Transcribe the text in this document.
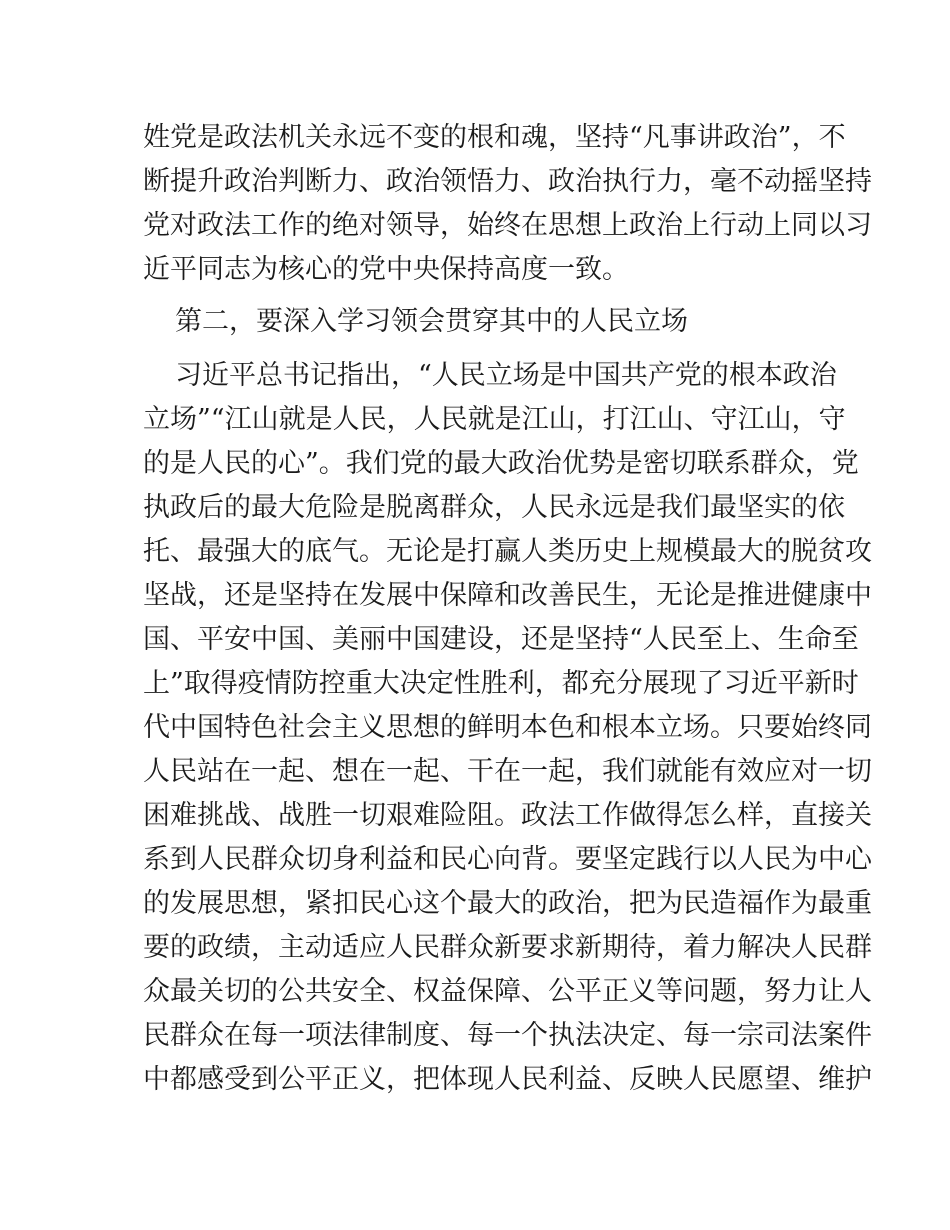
姓党是政法机关永远不变的根和魂，坚持“凡事讲政治”，不
断提升政治判断力、政治领悟力、政治执行力，毫不动摇坚持
党对政法工作的绝对领导，始终在思想上政治上行动上同以习
近平同志为核心的党中央保持高度一致。
第二，要深入学习领会贯穿其中的人民立场
习近平总书记指出，“人民立场是中国共产党的根本政治
立场”“江山就是人民，人民就是江山，打江山、守江山，守
的是人民的心”。我们党的最大政治优势是密切联系群众，党
执政后的最大危险是脱离群众，人民永远是我们最坚实的依
托、最强大的底气。无论是打赢人类历史上规模最大的脱贫攻
坚战，还是坚持在发展中保障和改善民生，无论是推进健康中
国、平安中国、美丽中国建设，还是坚持“人民至上、生命至
上”取得疫情防控重大决定性胜利，都充分展现了习近平新时
代中国特色社会主义思想的鲜明本色和根本立场。只要始终同
人民站在一起、想在一起、干在一起，我们就能有效应对一切
困难挑战、战胜一切艰难险阻。政法工作做得怎么样，直接关
系到人民群众切身利益和民心向背。要坚定践行以人民为中心
的发展思想，紧扣民心这个最大的政治，把为民造福作为最重
要的政绩，主动适应人民群众新要求新期待，着力解决人民群
众最关切的公共安全、权益保障、公平正义等问题，努力让人
民群众在每一项法律制度、每一个执法决定、每一宗司法案件
中都感受到公平正义，把体现人民利益、反映人民愿望、维护
